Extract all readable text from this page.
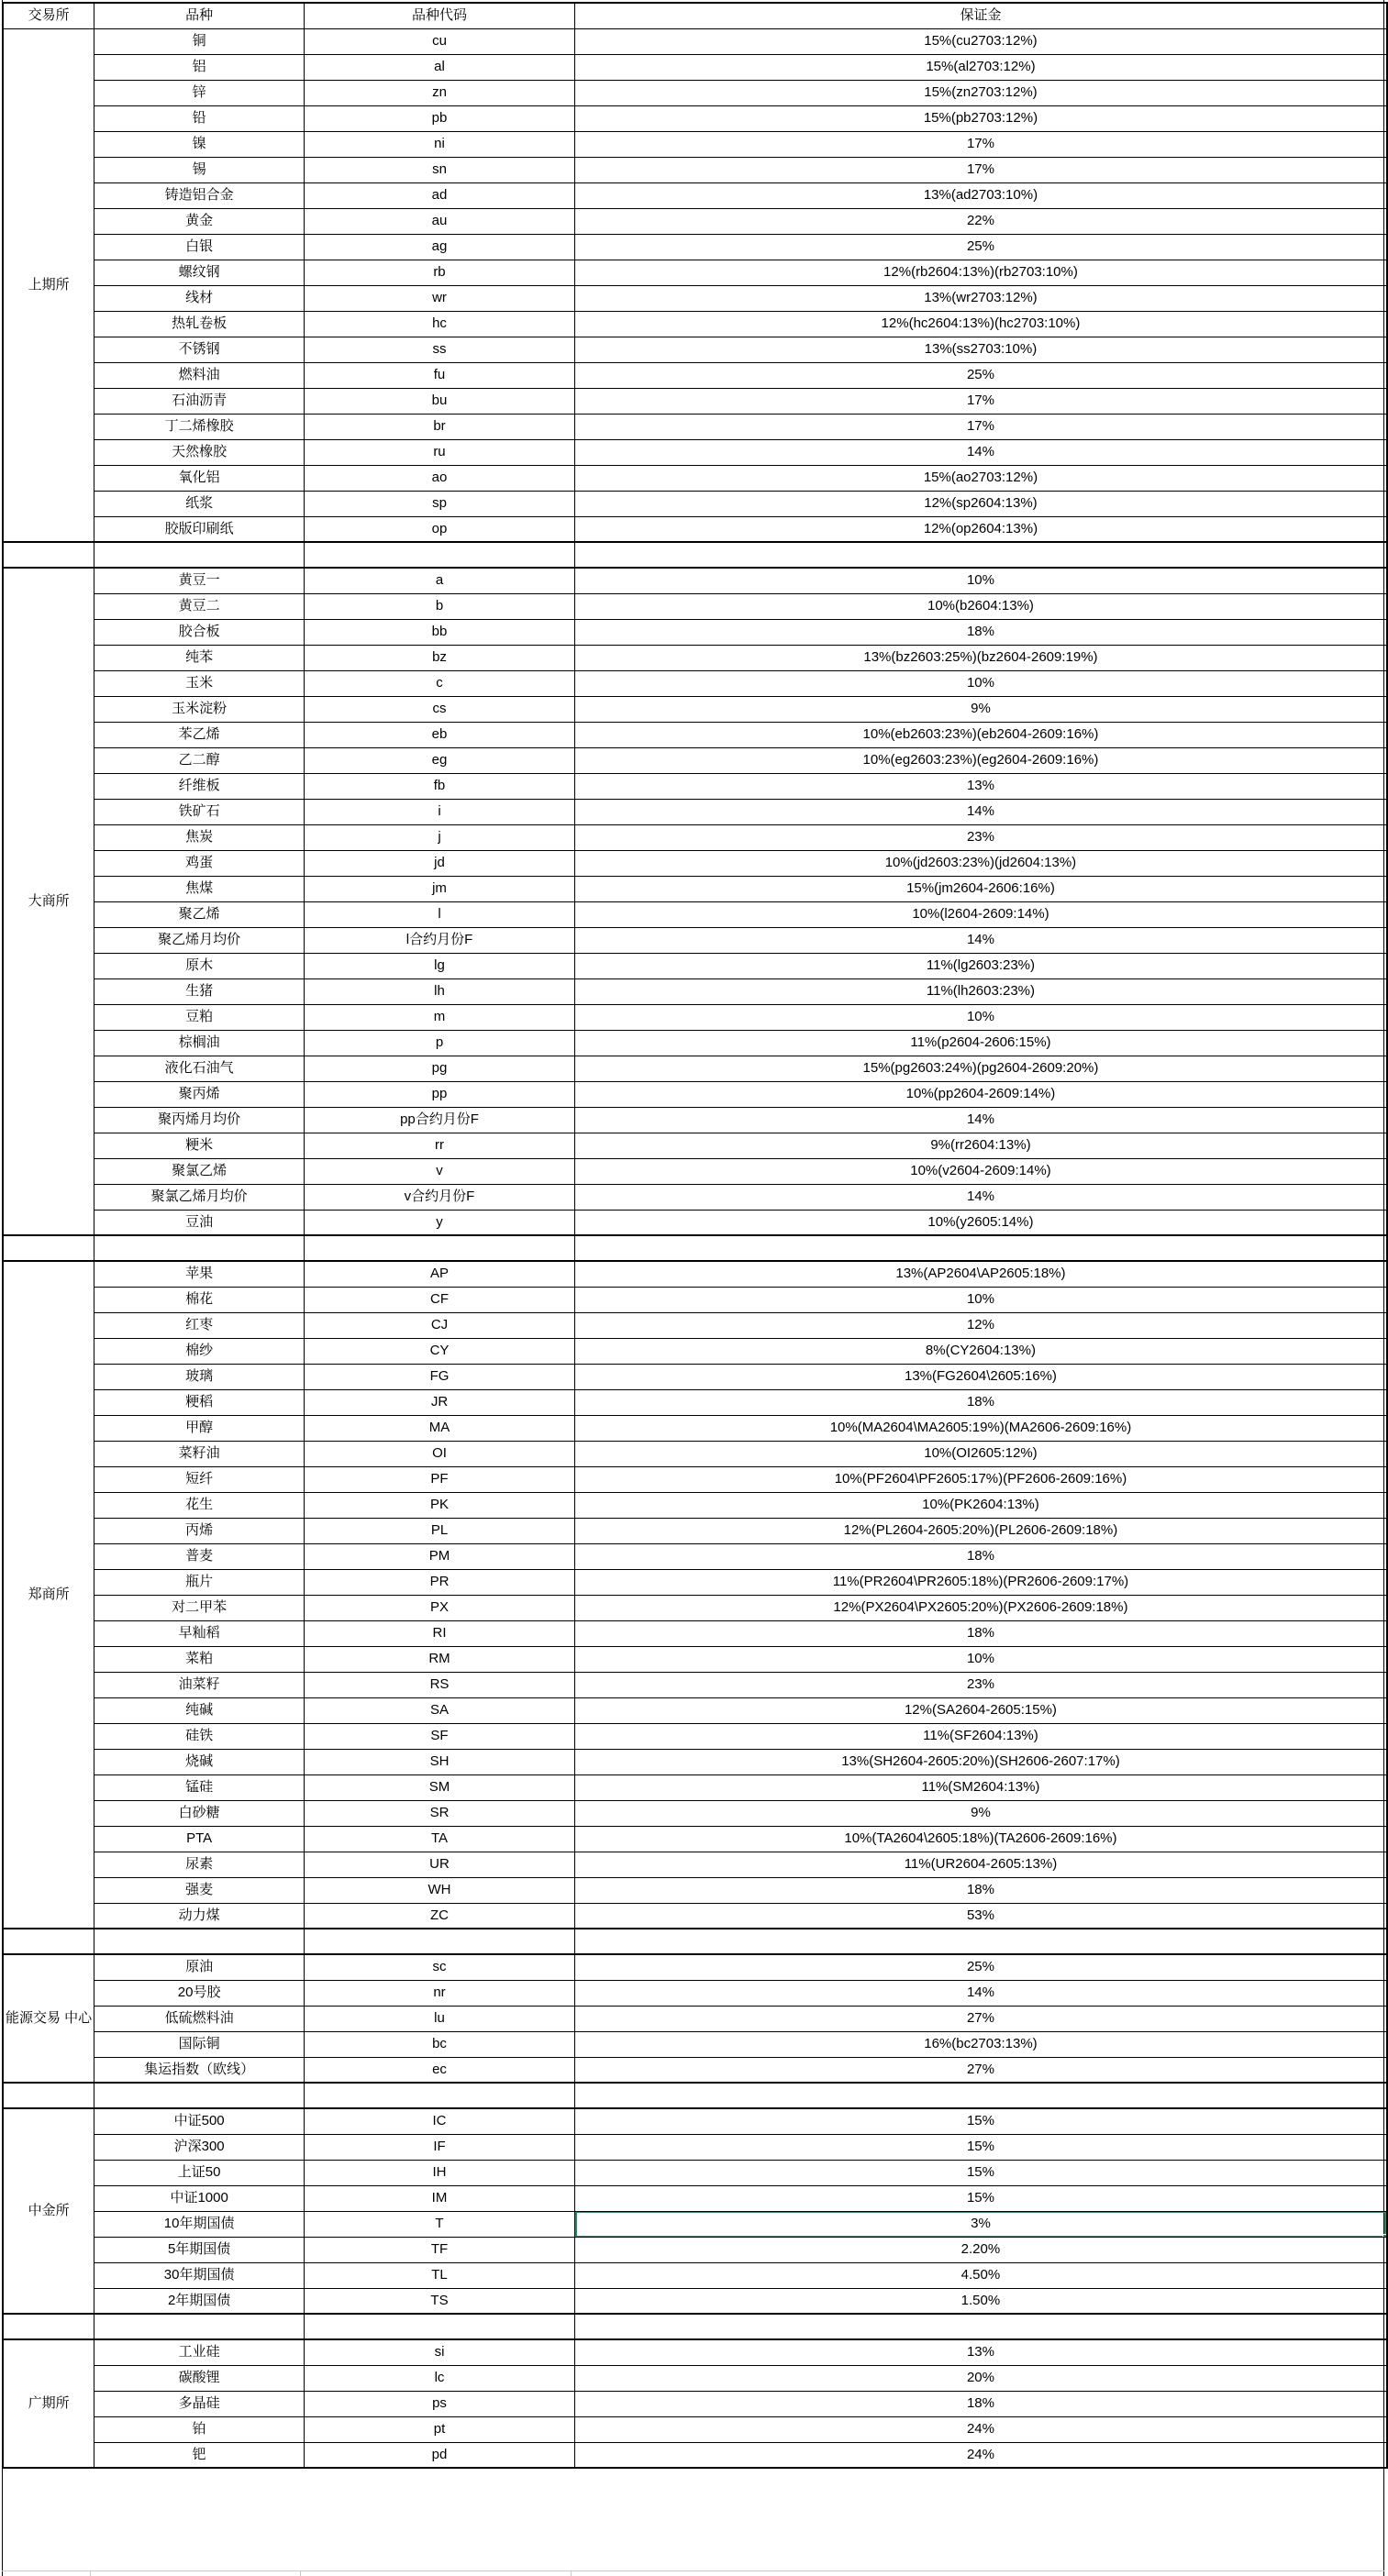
交易所	品种	品种代码	保证金
上期所	铜	cu	15%(cu2703:12%)
	铝	al	15%(al2703:12%)
	锌	zn	15%(zn2703:12%)
	铅	pb	15%(pb2703:12%)
	镍	ni	17%
	锡	sn	17%
	铸造铝合金	ad	13%(ad2703:10%)
	黄金	au	22%
	白银	ag	25%
	螺纹钢	rb	12%(rb2604:13%)(rb2703:10%)
	线材	wr	13%(wr2703:12%)
	热轧卷板	hc	12%(hc2604:13%)(hc2703:10%)
	不锈钢	ss	13%(ss2703:10%)
	燃料油	fu	25%
	石油沥青	bu	17%
	丁二烯橡胶	br	17%
	天然橡胶	ru	14%
	氧化铝	ao	15%(ao2703:12%)
	纸浆	sp	12%(sp2604:13%)
	胶版印刷纸	op	12%(op2604:13%)

大商所	黄豆一	a	10%
	黄豆二	b	10%(b2604:13%)
	胶合板	bb	18%
	纯苯	bz	13%(bz2603:25%)(bz2604-2609:19%)
	玉米	c	10%
	玉米淀粉	cs	9%
	苯乙烯	eb	10%(eb2603:23%)(eb2604-2609:16%)
	乙二醇	eg	10%(eg2603:23%)(eg2604-2609:16%)
	纤维板	fb	13%
	铁矿石	i	14%
	焦炭	j	23%
	鸡蛋	jd	10%(jd2603:23%)(jd2604:13%)
	焦煤	jm	15%(jm2604-2606:16%)
	聚乙烯	l	10%(l2604-2609:14%)
	聚乙烯月均价	l合约月份F	14%
	原木	lg	11%(lg2603:23%)
	生猪	lh	11%(lh2603:23%)
	豆粕	m	10%
	棕榈油	p	11%(p2604-2606:15%)
	液化石油气	pg	15%(pg2603:24%)(pg2604-2609:20%)
	聚丙烯	pp	10%(pp2604-2609:14%)
	聚丙烯月均价	pp合约月份F	14%
	粳米	rr	9%(rr2604:13%)
	聚氯乙烯	v	10%(v2604-2609:14%)
	聚氯乙烯月均价	v合约月份F	14%
	豆油	y	10%(y2605:14%)

郑商所	苹果	AP	13%(AP2604\AP2605:18%)
	棉花	CF	10%
	红枣	CJ	12%
	棉纱	CY	8%(CY2604:13%)
	玻璃	FG	13%(FG2604\2605:16%)
	粳稻	JR	18%
	甲醇	MA	10%(MA2604\MA2605:19%)(MA2606-2609:16%)
	菜籽油	OI	10%(OI2605:12%)
	短纤	PF	10%(PF2604\PF2605:17%)(PF2606-2609:16%)
	花生	PK	10%(PK2604:13%)
	丙烯	PL	12%(PL2604-2605:20%)(PL2606-2609:18%)
	普麦	PM	18%
	瓶片	PR	11%(PR2604\PR2605:18%)(PR2606-2609:17%)
	对二甲苯	PX	12%(PX2604\PX2605:20%)(PX2606-2609:18%)
	早籼稻	RI	18%
	菜粕	RM	10%
	油菜籽	RS	23%
	纯碱	SA	12%(SA2604-2605:15%)
	硅铁	SF	11%(SF2604:13%)
	烧碱	SH	13%(SH2604-2605:20%)(SH2606-2607:17%)
	锰硅	SM	11%(SM2604:13%)
	白砂糖	SR	9%
	PTA	TA	10%(TA2604\2605:18%)(TA2606-2609:16%)
	尿素	UR	11%(UR2604-2605:13%)
	强麦	WH	18%
	动力煤	ZC	53%

能源交易 中心	原油	sc	25%
	20号胶	nr	14%
	低硫燃料油	lu	27%
	国际铜	bc	16%(bc2703:13%)
	集运指数（欧线）	ec	27%

中金所	中证500	IC	15%
	沪深300	IF	15%
	上证50	IH	15%
	中证1000	IM	15%
	10年期国债	T	3%

	5年期国债	TF	2.20%
	30年期国债	TL	4.50%
	2年期国债	TS	1.50%

广期所	工业硅	si	13%
	碳酸锂	lc	20%
	多晶硅	ps	18%
	铂	pt	24%
	钯	pd	24%
